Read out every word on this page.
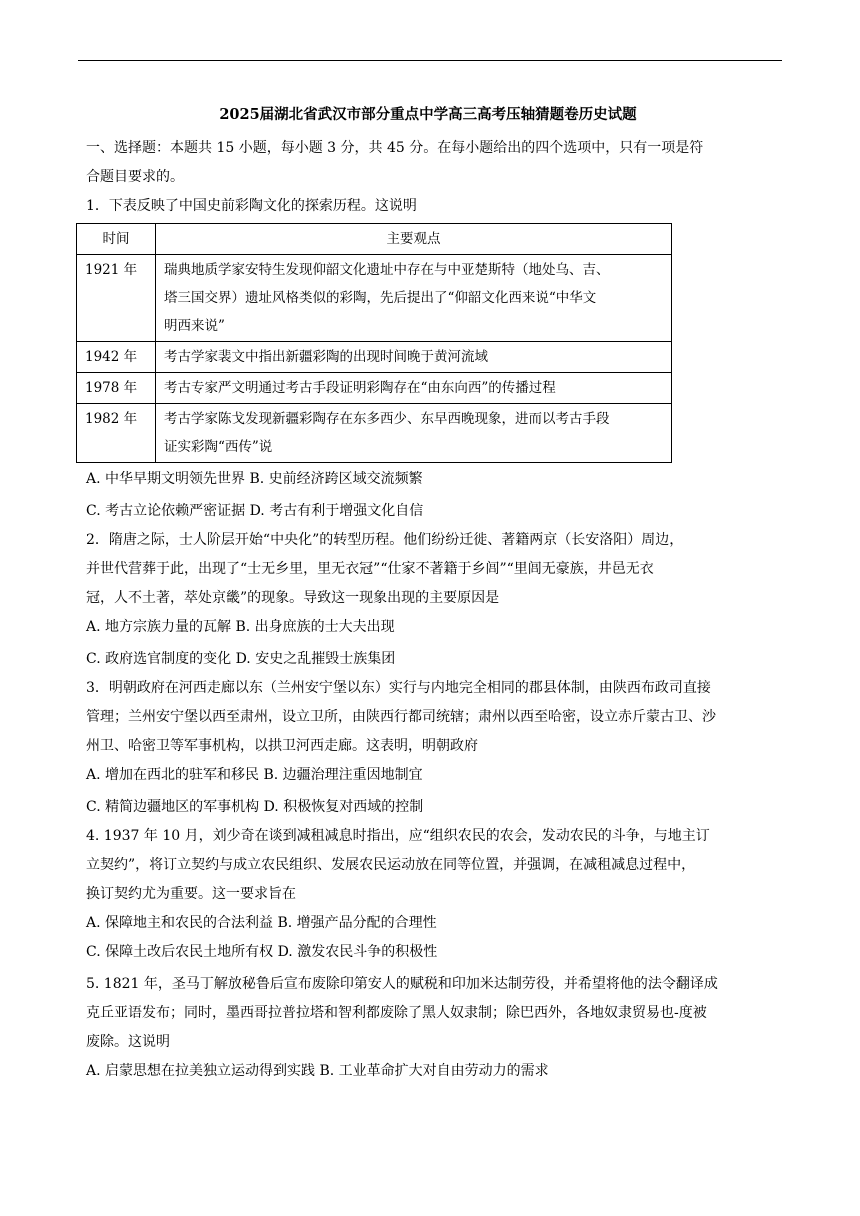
2025届湖北省武汉市部分重点中学高三高考压轴猜题卷历史试题

一、选择题：本题共 15 小题，每小题 3 分，共 45 分。在每小题给出的四个选项中，只有一项是符

合题目要求的。

1．下表反映了中国史前彩陶文化的探索历程。这说明

时间	主要观点
1921 年	瑞典地质学家安特生发现仰韶文化遗址中存在与中亚楚斯特（地处乌、吉、
塔三国交界）遗址风格类似的彩陶，先后提出了“仰韶文化西来说“中华文
明西来说”

1942 年	考古学家裴文中指出新疆彩陶的出现时间晚于黄河流域

1978 年	考古专家严文明通过考古手段证明彩陶存在“由东向西”的传播过程

1982 年	考古学家陈戈发现新疆彩陶存在东多西少、东早西晚现象，进而以考古手段
证实彩陶“西传”说

A. 中华早期文明领先世界 B. 史前经济跨区域交流频繁

C. 考古立论依赖严密证据 D. 考古有利于增强文化自信

2．隋唐之际，士人阶层开始“中央化”的转型历程。他们纷纷迁徙、著籍两京（长安洛阳）周边，

并世代营葬于此，出现了“士无乡里，里无衣冠”“仕家不著籍于乡闾”“里闾无豪族，井邑无衣

冠，人不土著，萃处京畿”的现象。导致这一现象出现的主要原因是

A. 地方宗族力量的瓦解 B. 出身庶族的士大夫出现

C. 政府选官制度的变化 D. 安史之乱摧毁士族集团

3．明朝政府在河西走廊以东（兰州安宁堡以东）实行与内地完全相同的郡县体制，由陕西布政司直接

管理；兰州安宁堡以西至肃州，设立卫所，由陕西行都司统辖；肃州以西至哈密，设立赤斤蒙古卫、沙

州卫、哈密卫等军事机构，以拱卫河西走廊。这表明，明朝政府

A. 增加在西北的驻军和移民 B. 边疆治理注重因地制宜

C. 精简边疆地区的军事机构 D. 积极恢复对西域的控制

4. 1937 年 10 月，刘少奇在谈到减租减息时指出，应“组织农民的农会，发动农民的斗争，与地主订

立契约”，将订立契约与成立农民组织、发展农民运动放在同等位置，并强调，在减租减息过程中，

换订契约尤为重要。这一要求旨在

A. 保障地主和农民的合法利益 B. 增强产品分配的合理性

C. 保障土改后农民土地所有权 D. 激发农民斗争的积极性

5. 1821 年，圣马丁解放秘鲁后宣布废除印第安人的赋税和印加米达制劳役，并希望将他的法令翻译成

克丘亚语发布；同时，墨西哥拉普拉塔和智利都废除了黑人奴隶制；除巴西外，各地奴隶贸易也-度被

废除。这说明

A. 启蒙思想在拉美独立运动得到实践 B. 工业革命扩大对自由劳动力的需求
